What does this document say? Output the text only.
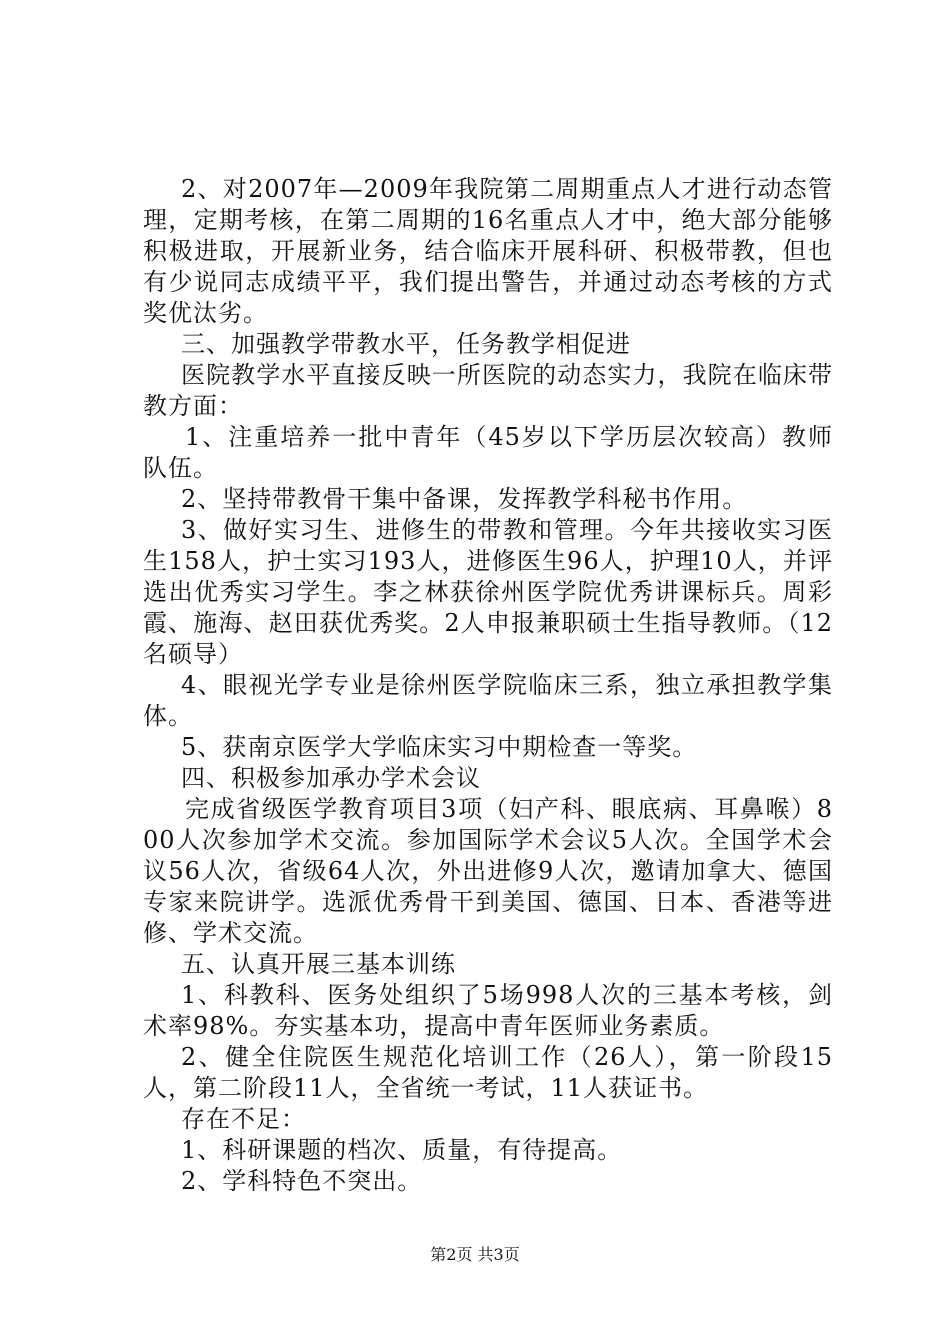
2、对2007年—2009年我院第二周期重点人才进行动态管理，定期考核，在第二周期的16名重点人才中，绝大部分能够积极进取，开展新业务，结合临床开展科研、积极带教，但也有少说同志成绩平平，我们提出警告，并通过动态考核的方式奖优汰劣。

三、加强教学带教水平，任务教学相促进

医院教学水平直接反映一所医院的动态实力，我院在临床带教方面：

1、注重培养一批中青年（45岁以下学历层次较高）教师队伍。

2、坚持带教骨干集中备课，发挥教学科秘书作用。

3、做好实习生、进修生的带教和管理。今年共接收实习医生158人，护士实习193人，进修医生96人，护理10人，并评选出优秀实习学生。李之林获徐州医学院优秀讲课标兵。周彩霞、施海、赵田获优秀奖。2人申报兼职硕士生指导教师。（12名硕导）

4、眼视光学专业是徐州医学院临床三系，独立承担教学集体。

5、获南京医学大学临床实习中期检查一等奖。

四、积极参加承办学术会议

完成省级医学教育项目3项（妇产科、眼底病、耳鼻喉）800人次参加学术交流。参加国际学术会议5人次。全国学术会议56人次，省级64人次，外出进修9人次，邀请加拿大、德国专家来院讲学。选派优秀骨干到美国、德国、日本、香港等进修、学术交流。

五、认真开展三基本训练

1、科教科、医务处组织了5场998人次的三基本考核，剑术率98%。夯实基本功，提高中青年医师业务素质。

2、健全住院医生规范化培训工作（26人），第一阶段15人，第二阶段11人，全省统一考试，11人获证书。

存在不足：

1、科研课题的档次、质量，有待提高。

2、学科特色不突出。

第2页 共3页
